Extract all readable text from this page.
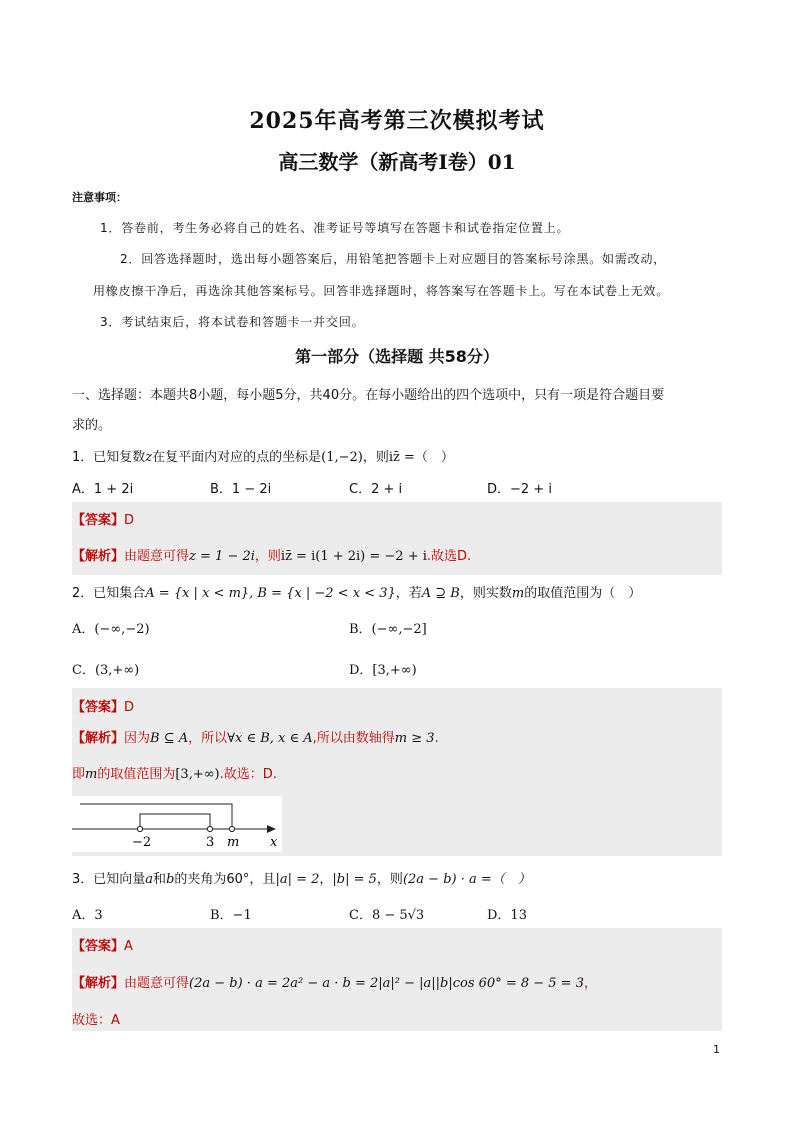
2025年高考第三次模拟考试
高三数学（新高考Ⅰ卷）01
注意事项：
1．答卷前，考生务必将自己的姓名、准考证号等填写在答题卡和试卷指定位置上。
2．回答选择题时，选出每小题答案后，用铅笔把答题卡上对应题目的答案标号涂黑。如需改动，
用橡皮擦干净后，再选涂其他答案标号。回答非选择题时，将答案写在答题卡上。写在本试卷上无效。
3．考试结束后，将本试卷和答题卡一并交回。
第一部分（选择题 共58分）
一、选择题：本题共8小题，每小题5分，共40分。在每小题给出的四个选项中，只有一项是符合题目要
求的。
1．已知复数z在复平面内对应的点的坐标是(1,−2)，则iz̄ =（　）
A．1 + 2i	B．1 − 2i	C．2 + i	D．−2 + i
【答案】D
【解析】由题意可得z = 1 − 2i，则iz̄ = i(1 + 2i) = −2 + i.故选D.
2．已知集合A = {x | x < m}, B = {x | −2 < x < 3}，若A ⊇ B，则实数m的取值范围为（　）
A．(−∞,−2)	B．(−∞,−2]
C．(3,+∞)	D．[3,+∞)
【答案】D
【解析】因为B ⊆ A，所以∀x ∈ B, x ∈ A,所以由数轴得m ≥ 3.
即m的取值范围为[3,+∞).故选：D.
−2	3 m x
3．已知向量a和b的夹角为60°，且|a| = 2，|b| = 5，则(2a − b) · a =（　）
A．3	B．−1	C．8 − 5√3	D．13
【答案】A
【解析】由题意可得(2a − b) · a = 2a² − a · b = 2|a|² − |a||b|cos 60° = 8 − 5 = 3，
故选：A
1
